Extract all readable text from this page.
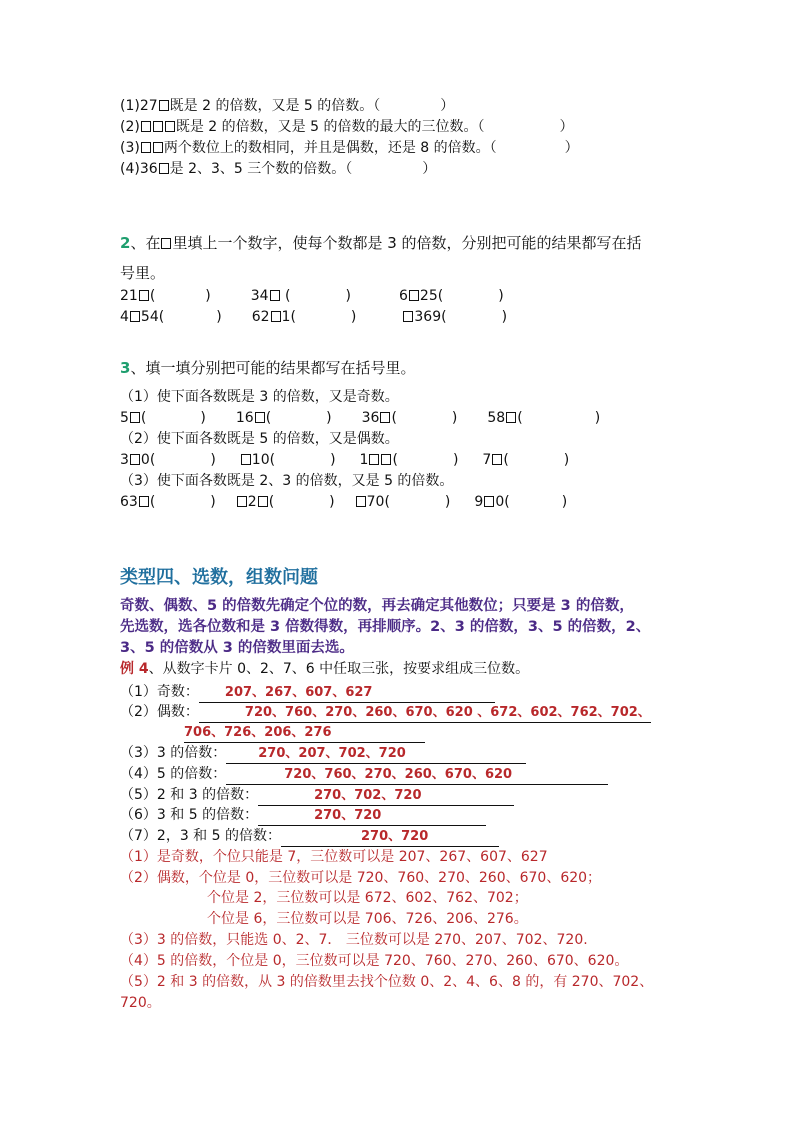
(1)27 既是 2 的倍数，又是 5 的倍数。（	）
(2)	既是 2 的倍数，又是 5 的倍数的最大的三位数。（	）
(3) 两个数位上的数相同，并且是偶数，还是 8 的倍数。（	）
(4)36 是 2、3、5 三个数的倍数。（	）
2、在 里填上一个数字，使每个数都是 3 的倍数，分别把可能的结果都写在括
号里。
21 (	)	34 (	)	6 25(	)
4 54(	) 62 1(	)	369(	)
3、填一填分别把可能的结果都写在括号里。
（1）使下面各数既是 3 的倍数，又是奇数。
5 (	) 16 (	) 36 (	) 58 (	)
（2）使下面各数既是 5 的倍数，又是偶数。
3 0(	)	10(	) 1 (	) 7 (	)
（3）使下面各数既是 2、3 的倍数，又是 5 的倍数。
63 (	) 2 (	) 70(	) 9 0(	)
类型四、选数，组数问题
奇数、偶数、5 的倍数先确定个位的数，再去确定其他数位；只要是 3 的倍数，
先选数，选各位数和是 3 倍数得数，再排顺序。2、3 的倍数，3、5 的倍数，2、
3、5 的倍数从 3 的倍数里面去选。
例 4、从数字卡片 0、2、7、6 中任取三张，按要求组成三位数。
（1）奇数： 207、267、607、627
（2）偶数：	720、760、270、260、670、620 、672、602、762、702、
706、726、206、276
（3）3 的倍数： 270、207、702、720
（4）5 的倍数：	720、760、270、260、670、620
（5）2 和 3 的倍数：	270、702、720
（6）3 和 5 的倍数：	270、720
（7）2，3 和 5 的倍数：	270、720
（1）是奇数，个位只能是 7，三位数可以是 207、267、607、627
（2）偶数，个位是 0，三位数可以是 720、760、270、260、670、620；
个位是 2，三位数可以是 672、602、762、702；
个位是 6，三位数可以是 706、726、206、276。
（3）3 的倍数，只能选 0、2、7． 三位数可以是 270、207、702、720.
（4）5 的倍数，个位是 0，三位数可以是 720、760、270、260、670、620。
（5）2 和 3 的倍数，从 3 的倍数里去找个位数 0、2、4、6、8 的，有 270、702、
720。
